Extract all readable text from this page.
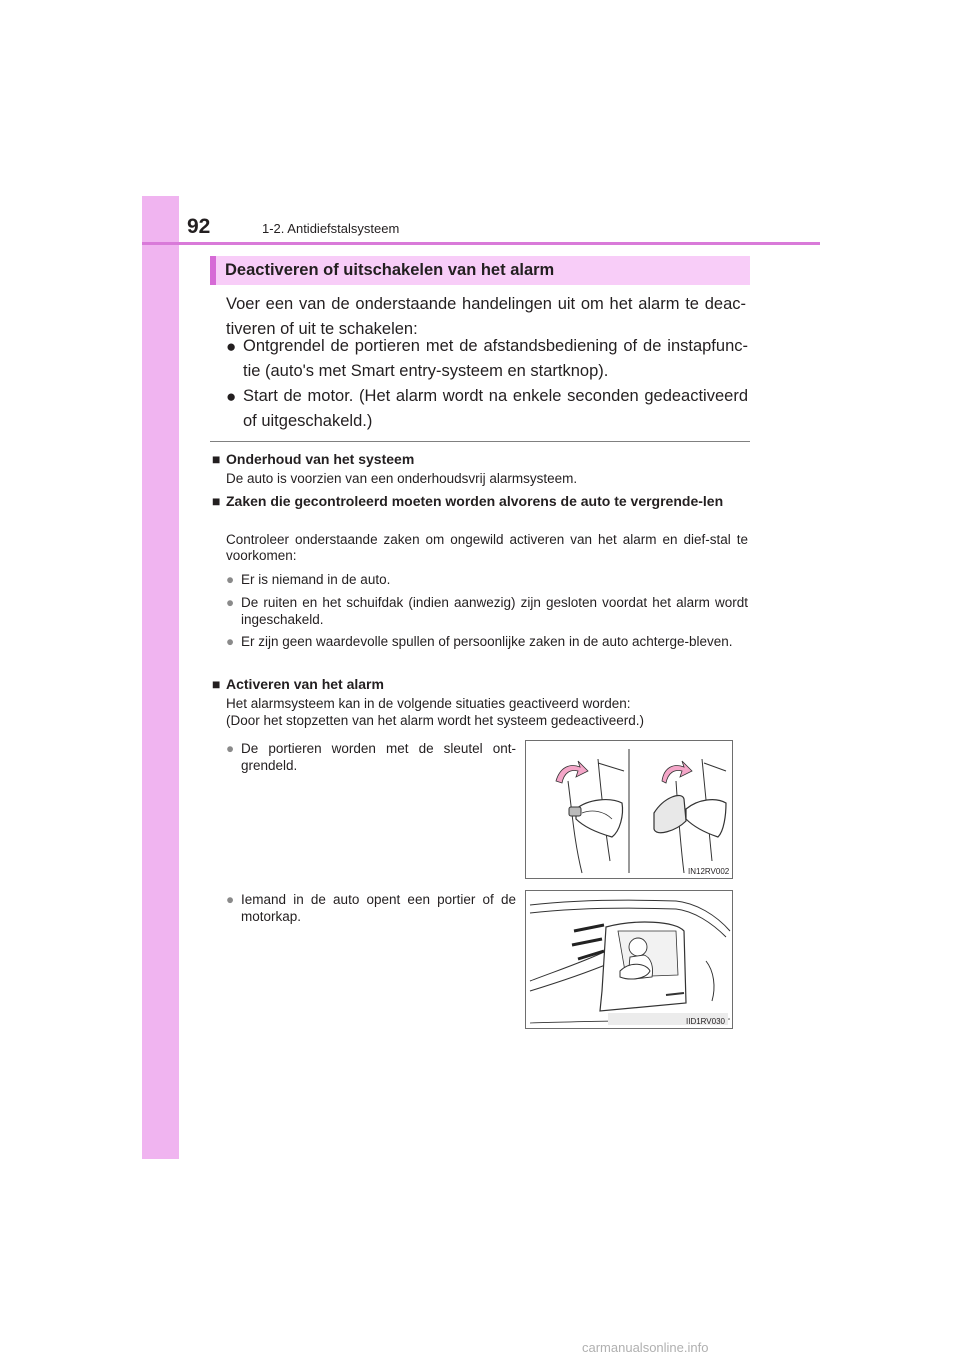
92	1-2. Antidiefstalsysteem
Deactiveren of uitschakelen van het alarm
Voer een van de onderstaande handelingen uit om het alarm te deac-tiveren of uit te schakelen:
● Ontgrendel de portieren met de afstandsbediening of de instapfunc-tie (auto's met Smart entry-systeem en startknop).
● Start de motor. (Het alarm wordt na enkele seconden gedeactiveerd of uitgeschakeld.)
■ Onderhoud van het systeem
De auto is voorzien van een onderhoudsvrij alarmsysteem.
■ Zaken die gecontroleerd moeten worden alvorens de auto te vergrende-len
Controleer onderstaande zaken om ongewild activeren van het alarm en dief-stal te voorkomen:
● Er is niemand in de auto.
● De ruiten en het schuifdak (indien aanwezig) zijn gesloten voordat het alarm wordt ingeschakeld.
● Er zijn geen waardevolle spullen of persoonlijke zaken in de auto achterge-bleven.
■ Activeren van het alarm
Het alarmsysteem kan in de volgende situaties geactiveerd worden:
(Door het stopzetten van het alarm wordt het systeem gedeactiveerd.)
● De portieren worden met de sleutel ont-grendeld.
● Iemand in de auto opent een portier of de motorkap.
IN12RV002
IID1RV030
carmanualsonline.info
